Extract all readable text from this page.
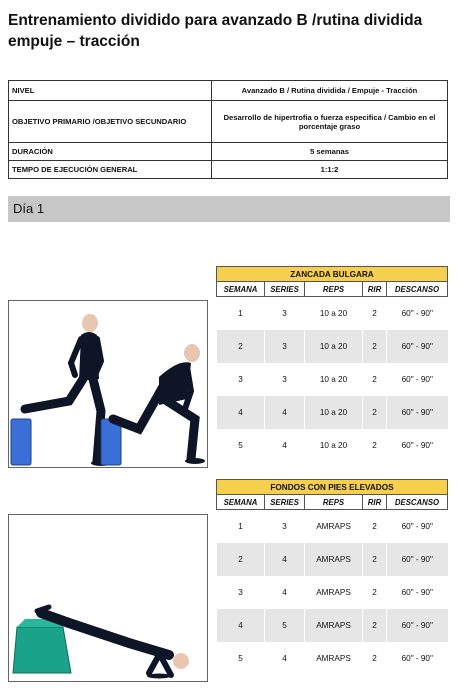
Entrenamiento dividido para avanzado B /rutina dividida empuje – tracción
NIVEL	Avanzado B / Rutina dividida / Empuje - Tracción
OBJETIVO PRIMARIO /OBJETIVO SECUNDARIO	Desarrollo de hipertrofia o fuerza especifica / Cambio en el porcentaje graso
DURACIÓN	5 semanas
TEMPO DE EJECUCIÓN GENERAL	1:1:2
Día 1
ZANCADA BULGARA				
SEMANA	SERIES	REPS	RIR	DESCANSO
1	3	10 a 20	2	60" - 90"
2	3	10 a 20	2	60" - 90"
3	3	10 a 20	2	60" - 90"
4	4	10 a 20	2	60" - 90"
5	4	10 a 20	2	60" - 90"
FONDOS CON PIES ELEVADOS				
SEMANA	SERIES	REPS	RIR	DESCANSO
1	3	AMRAPS	2	60" - 90"
2	4	AMRAPS	2	60" - 90"
3	4	AMRAPS	2	60" - 90"
4	5	AMRAPS	2	60" - 90"
5	4	AMRAPS	2	60" - 90"
